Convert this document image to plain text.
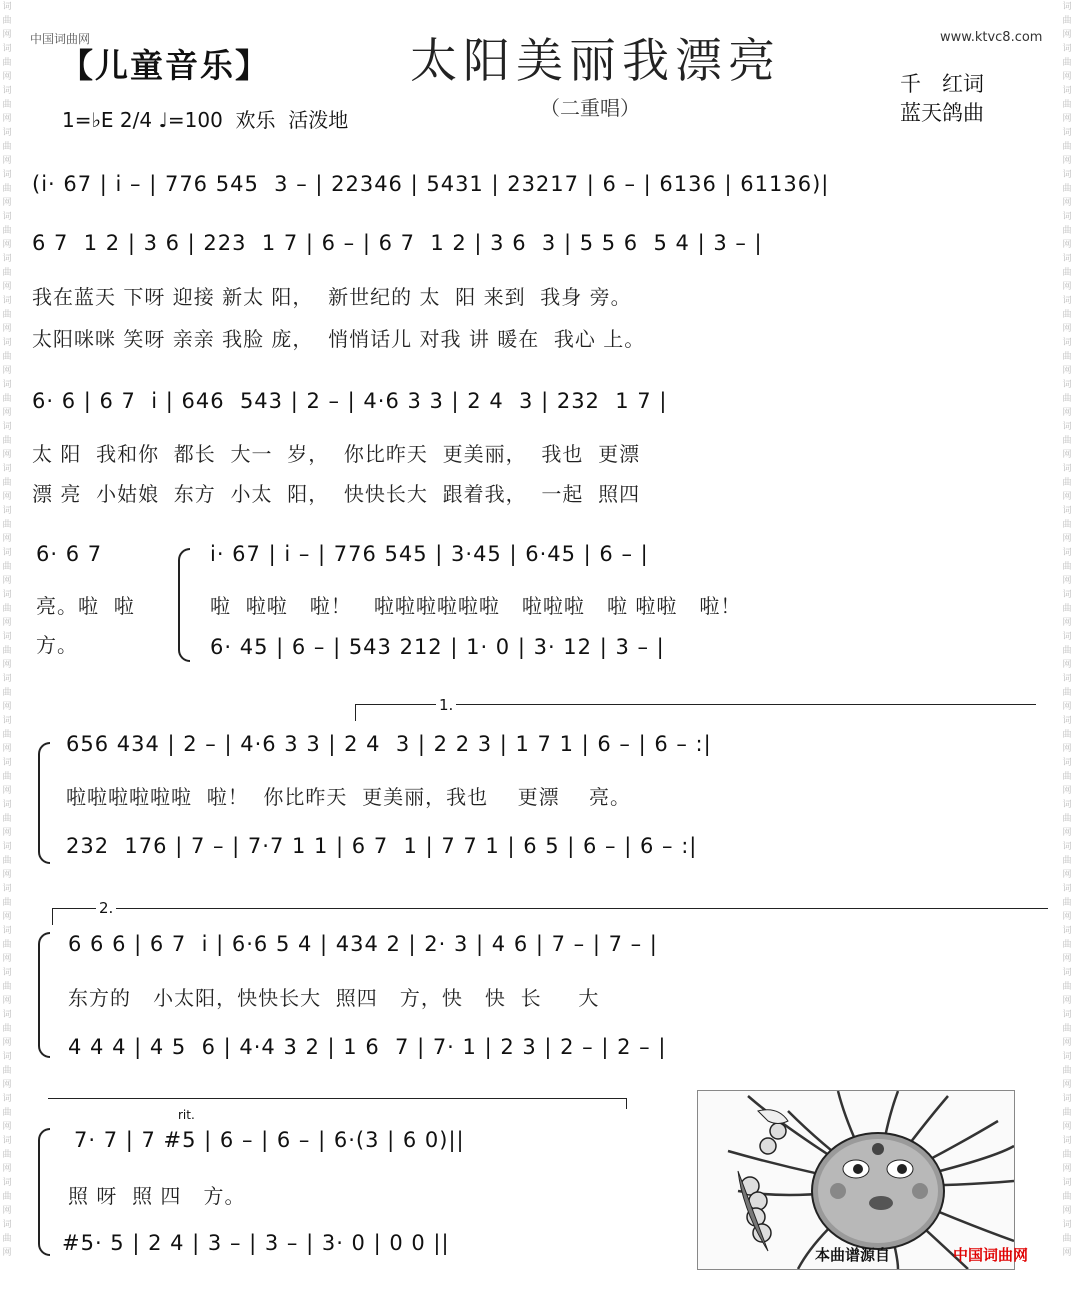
词曲网词曲网词曲网词曲网词曲网词曲网词曲网词曲网词曲网词曲网词曲网词曲网词曲网词曲网词曲网词曲网词曲网词曲网词曲网词曲网词曲网词曲网词曲网词曲网词曲网词曲网词曲网词曲网词曲网词曲网
词曲网词曲网词曲网词曲网词曲网词曲网词曲网词曲网词曲网词曲网词曲网词曲网词曲网词曲网词曲网词曲网词曲网词曲网词曲网词曲网词曲网词曲网词曲网词曲网词曲网词曲网词曲网词曲网词曲网词曲网
中国词曲网	www.ktvc8.com
【儿童音乐】	太阳美丽我漂亮
（二重唱）
千　红词
蓝天鸽曲
1=♭E 2/4 ♩=100  欢乐  活泼地
(i· 67 | i – | 776 545  3 – | 22346 | 5431 | 23217 | 6 – | 6136 | 61136)|
6 7  1 2 | 3 6 | 223  1 7 | 6 – | 6 7  1 2 | 3 6  3 | 5 5 6  5 4 | 3 – |
我在蓝天 下呀 迎接 新太 阳，  新世纪的 太  阳 来到  我身 旁。
太阳咪咪 笑呀 亲亲 我脸 庞，  悄悄话儿 对我 讲 暖在  我心 上。
6· 6 | 6 7  i | 646  543 | 2 – | 4·6 3 3 | 2 4  3 | 232  1 7 |
太 阳  我和你  都长  大一  岁，  你比昨天  更美丽，  我也  更漂
漂 亮  小姑娘  东方  小太  阳，  快快长大  跟着我，  一起  照四
6· 6 7
亮。啦  啦
方。
i· 67 | i – | 776 545 | 3·45 | 6·45 | 6 – |
啦  啦啦   啦！   啦啦啦啦啦啦   啦啦啦   啦 啦啦   啦！
6· 45 | 6 – | 543 212 | 1· 0 | 3· 12 | 3 – |
1.
656 434 | 2 – | 4·6 3 3 | 2 4  3 | 2 2 3 | 1 7 1 | 6 – | 6 – :|
啦啦啦啦啦啦  啦！  你比昨天  更美丽，我也    更漂    亮。
232  176 | 7 – | 7·7 1 1 | 6 7  1 | 7 7 1 | 6 5 | 6 – | 6 – :|
2.
6 6 6 | 6 7  i | 6·6 5 4 | 434 2 | 2· 3 | 4 6 | 7 – | 7 – |
东方的   小太阳，快快长大  照四   方，快   快  长     大
4 4 4 | 4 5  6 | 4·4 3 2 | 1 6  7 | 7· 1 | 2 3 | 2 – | 2 – |
rit.
7· 7 | 7 #5 | 6 – | 6 – | 6·(3 | 6 0)||
照 呀  照 四   方。
#5· 5 | 2 4 | 3 – | 3 – | 3· 0 | 0 0 ||	本曲谱源自	中国词曲网
